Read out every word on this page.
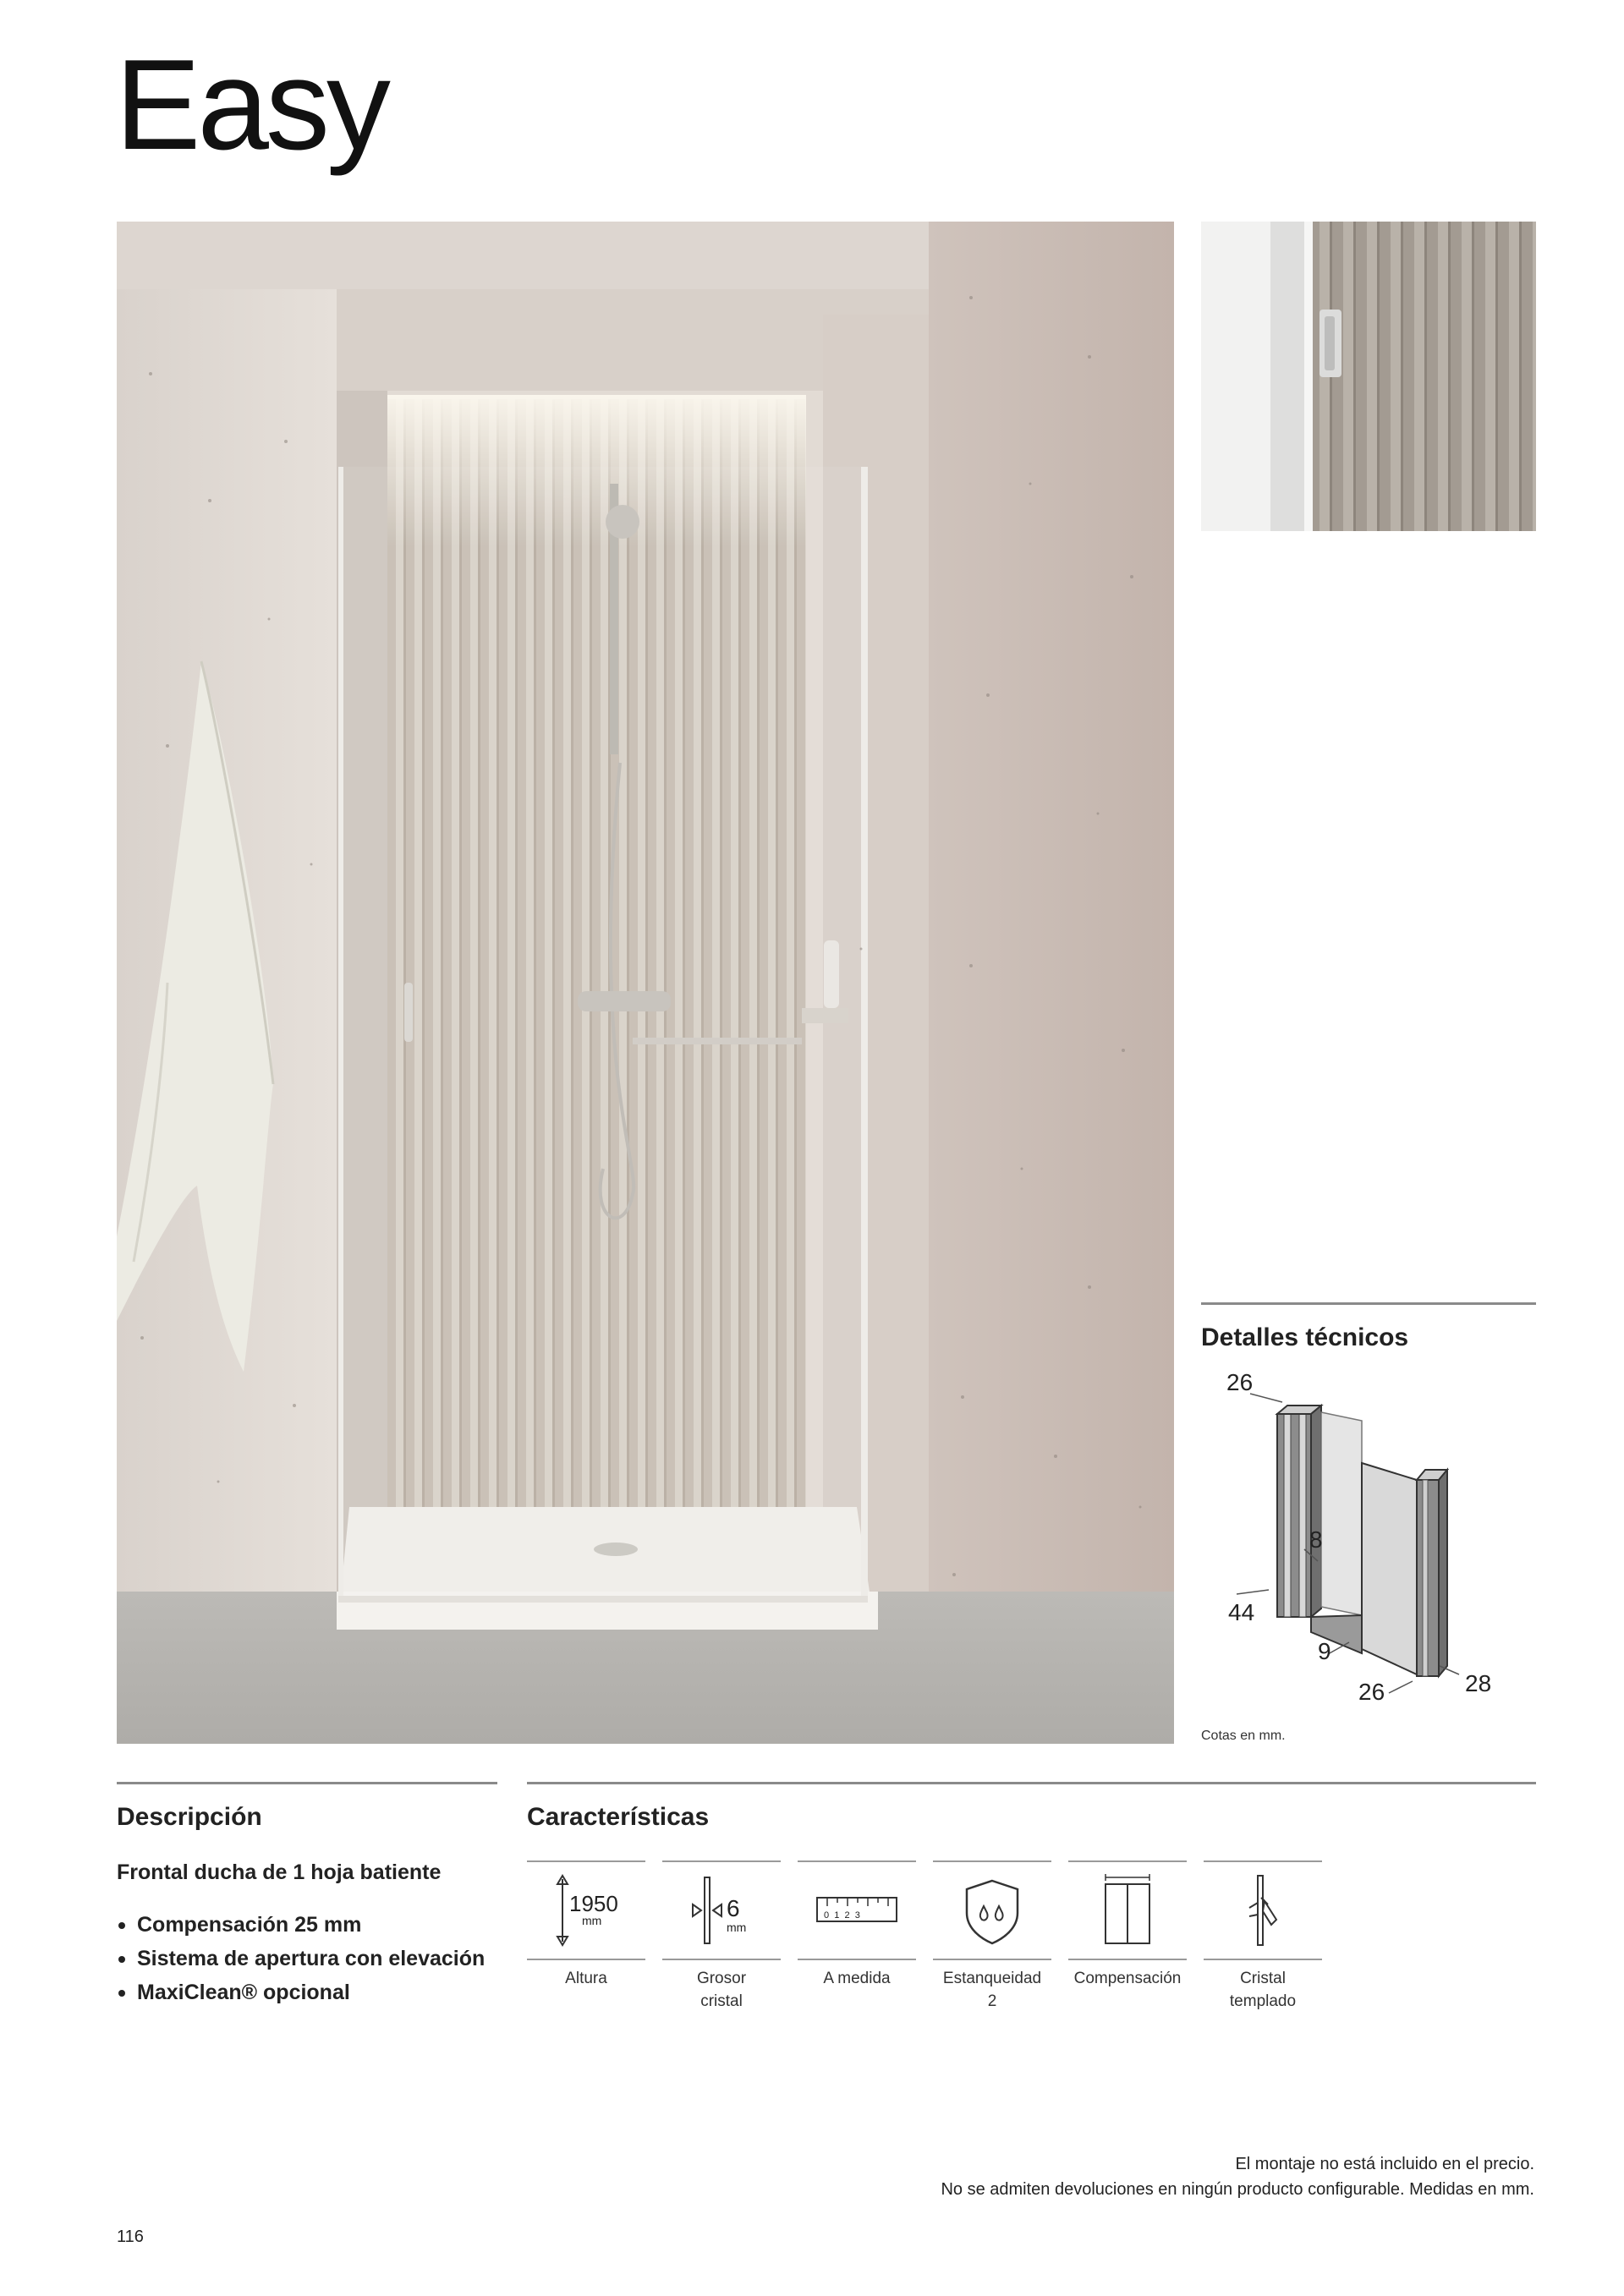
Easy
Detalles técnicos
26
8
44
9
26	28
Cotas en mm.
Descripción
Frontal ducha de 1 hoja batiente
Compensación 25 mm
Sistema de apertura con elevación
MaxiClean® opcional
Características
1950
mm
Altura
6
mm
Grosor
cristal
0  1  2  3
A medida	Estanqueidad
2
Compensación	Cristal
templado
El montaje no está incluido en el precio.
No se admiten devoluciones en ningún producto configurable. Medidas en mm.
116
